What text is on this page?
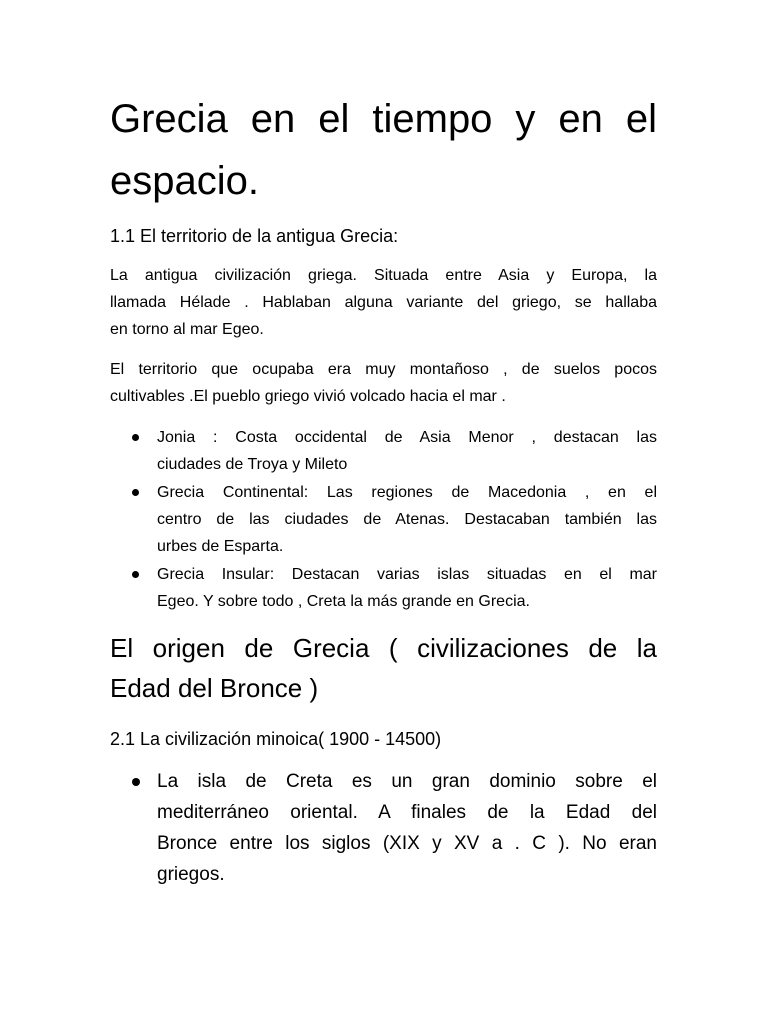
Grecia en el tiempo y en el
espacio.
1.1 El territorio de la antigua Grecia:
La antigua civilización griega. Situada entre Asia y Europa, la
llamada Hélade . Hablaban alguna variante del griego, se hallaba
en torno al mar Egeo.
El territorio que ocupaba era muy montañoso , de suelos pocos
cultivables .El pueblo griego vivió volcado hacia el mar .
Jonia : Costa occidental de Asia Menor , destacan las
ciudades de Troya y Mileto
Grecia Continental: Las regiones de Macedonia , en el
centro de las ciudades de Atenas. Destacaban también las
urbes de Esparta.
Grecia Insular: Destacan varias islas situadas en el mar
Egeo. Y sobre todo , Creta la más grande en Grecia.
El origen de Grecia ( civilizaciones de la
Edad del Bronce )
2.1 La civilización minoica( 1900 - 14500)
La isla de Creta es un gran dominio sobre el
mediterráneo oriental. A finales de la Edad del
Bronce entre los siglos (XIX y XV a . C ). No eran
griegos.
